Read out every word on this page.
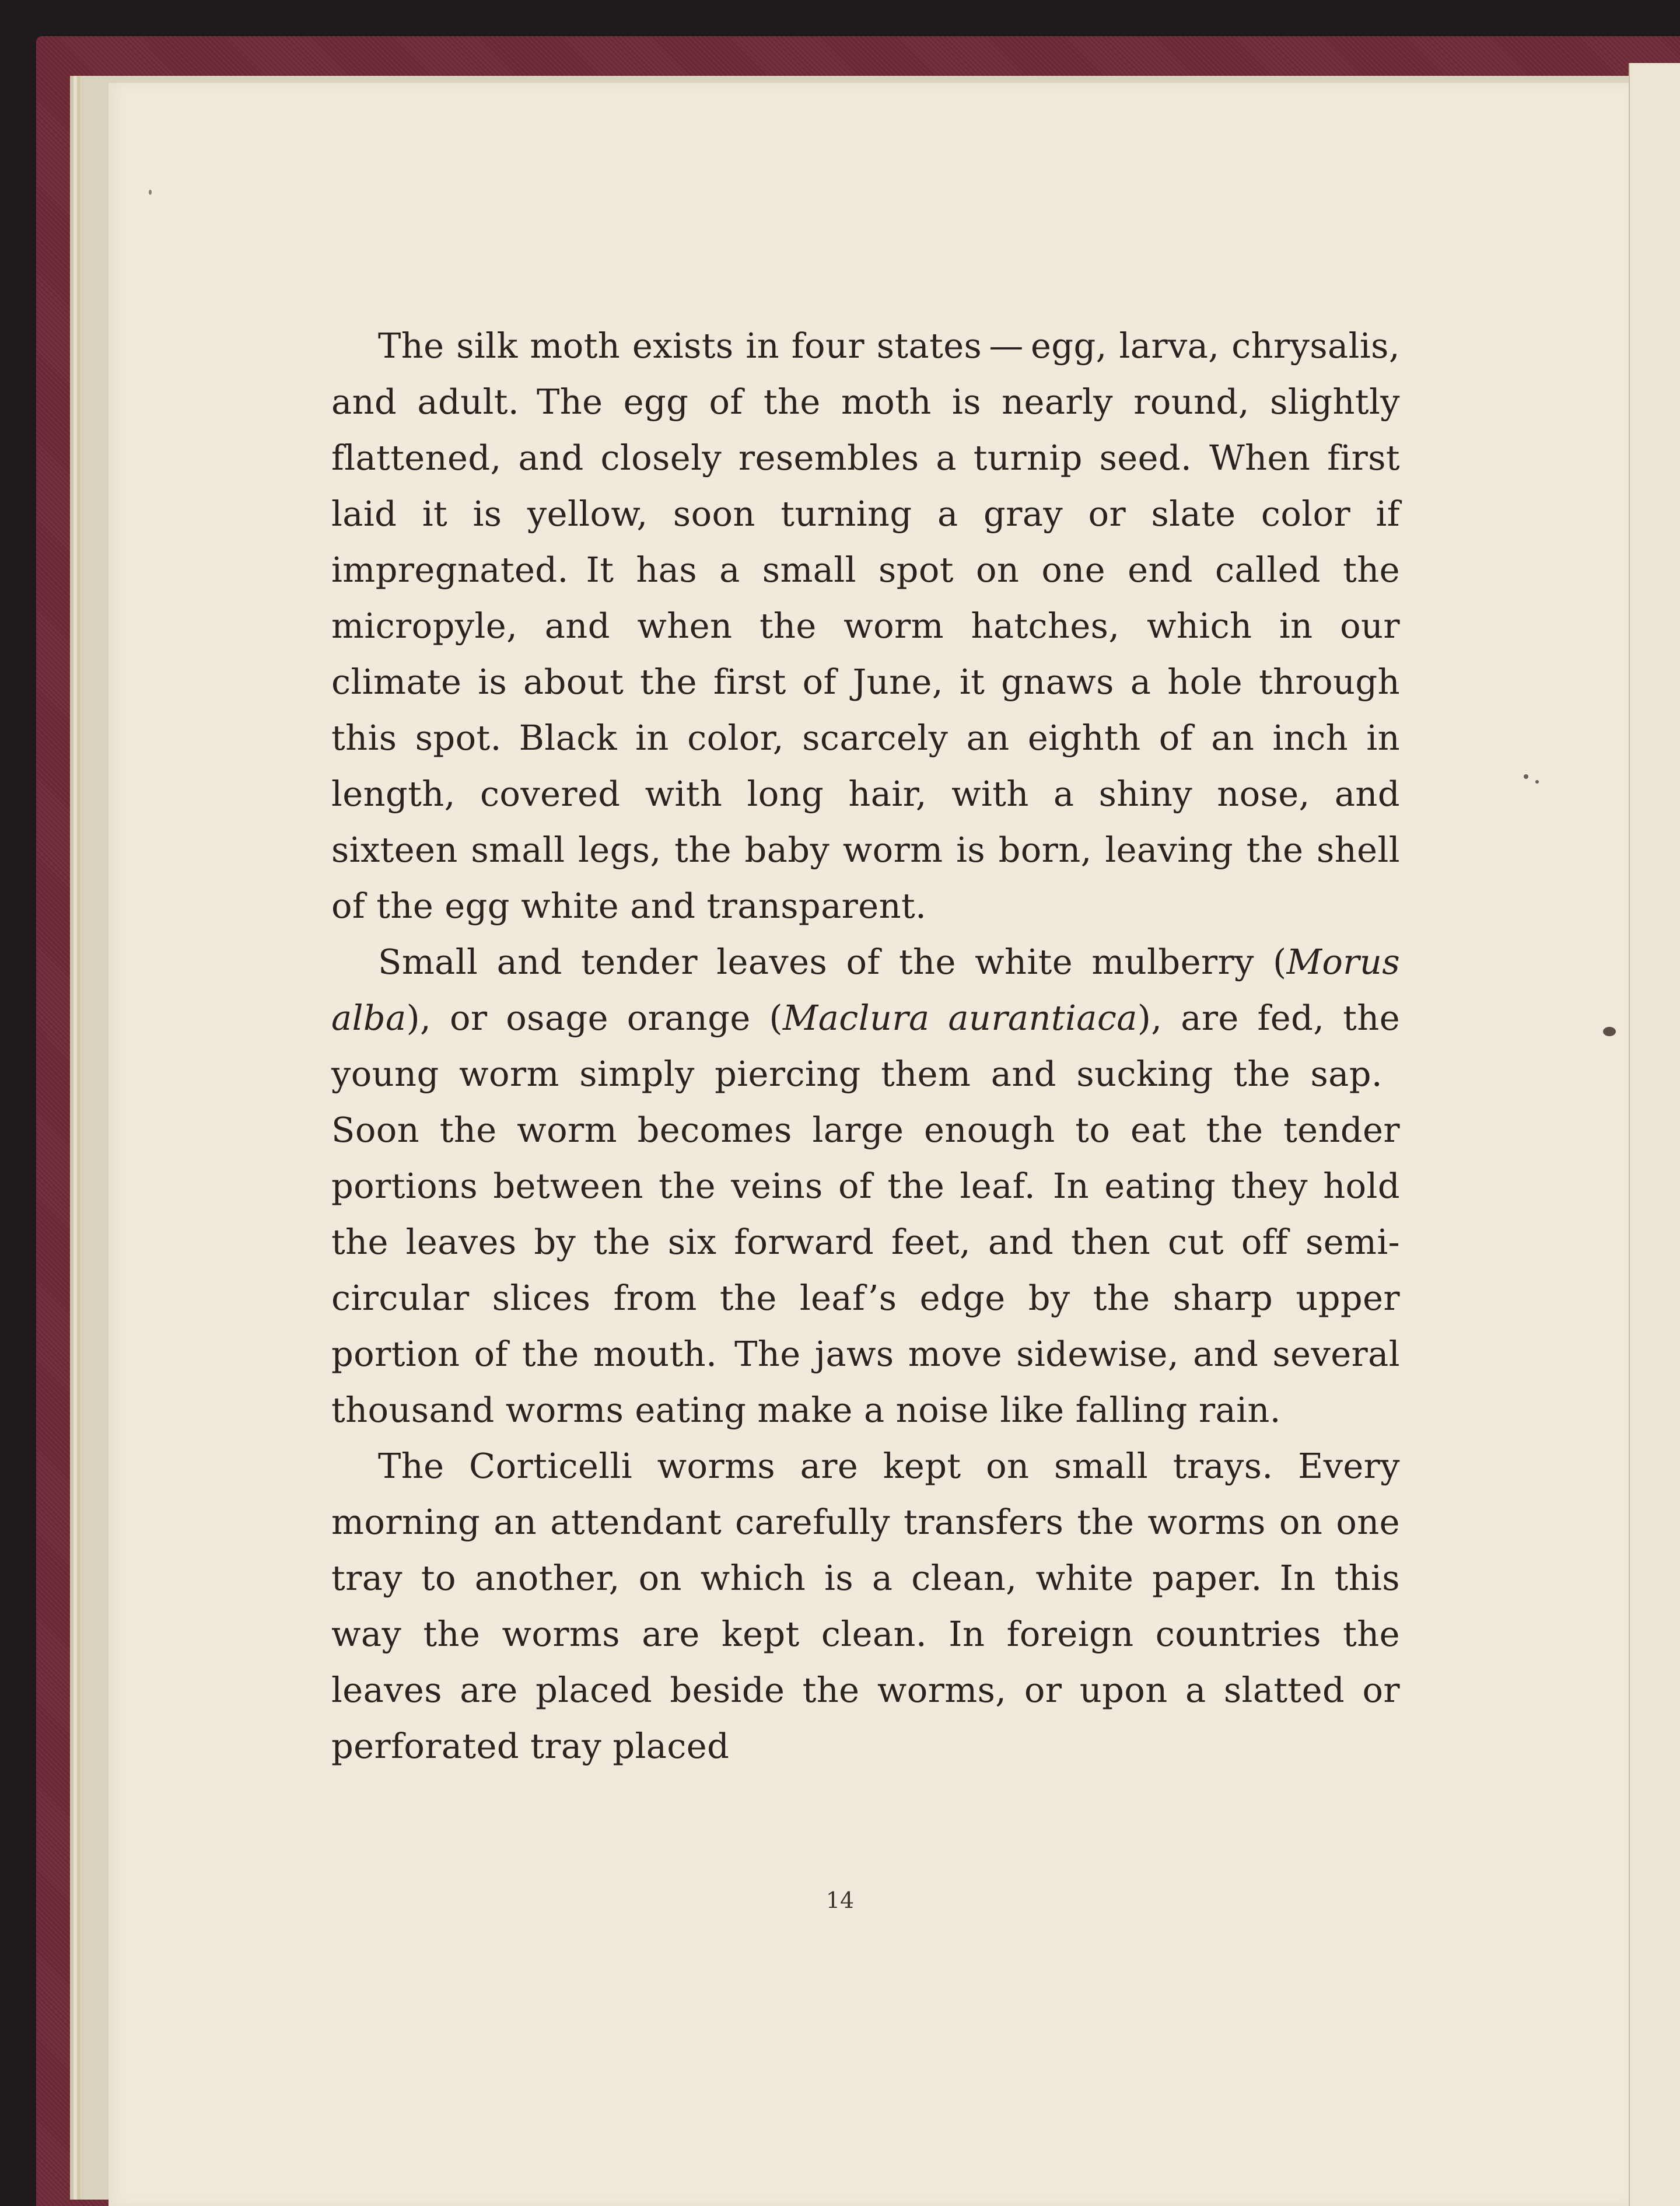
The silk moth exists in four states — egg, larva, chrysalis, and adult. The egg of the moth is nearly round, slightly flattened, and closely resembles a turnip seed. When first laid it is yellow, soon turning a gray or slate color if impregnated. It has a small spot on one end called the micropyle, and when the worm hatches, which in our climate is about the first of June, it gnaws a hole through this spot. Black in color, scarcely an eighth of an inch in length, covered with long hair, with a shiny nose, and sixteen small legs, the baby worm is born, leaving the shell of the egg white and transparent.

Small and tender leaves of the white mulberry (Morus alba), or osage orange (Maclura aurantiaca), are fed, the young worm simply piercing them and sucking the sap. Soon the worm becomes large enough to eat the tender portions between the veins of the leaf. In eating they hold the leaves by the six forward feet, and then cut off semi-circular slices from the leaf’s edge by the sharp upper portion of the mouth. The jaws move sidewise, and several thousand worms eating make a noise like falling rain.

The Corticelli worms are kept on small trays. Every morning an attendant carefully transfers the worms on one tray to another, on which is a clean, white paper. In this way the worms are kept clean. In foreign countries the leaves are placed beside the worms, or upon a slatted or perforated tray placed

14
